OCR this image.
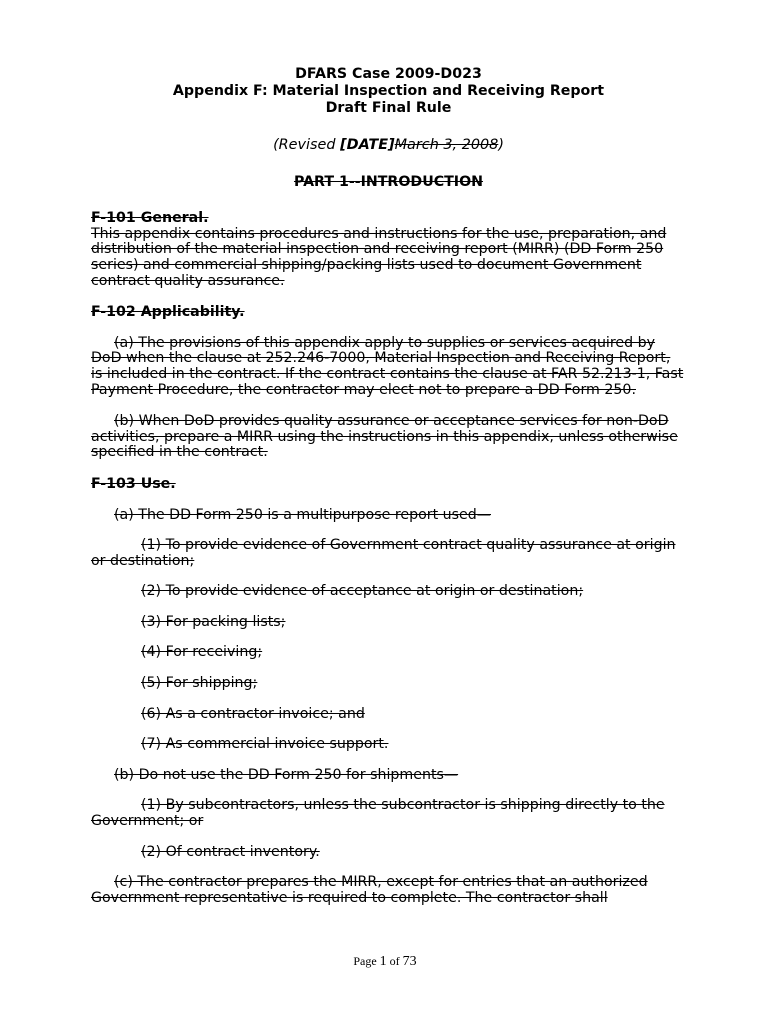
DFARS Case 2009-D023
Appendix F: Material Inspection and Receiving Report
Draft Final Rule
(Revised [DATE]March 3, 2008)
PART 1--INTRODUCTION
F-101 General.

This appendix contains procedures and instructions for the use, preparation, and distribution of the material inspection and receiving report (MIRR) (DD Form 250 series) and commercial shipping/packing lists used to document Government contract quality assurance.

F-102 Applicability.

(a) The provisions of this appendix apply to supplies or services acquired by DoD when the clause at 252.246-7000, Material Inspection and Receiving Report, is included in the contract. If the contract contains the clause at FAR 52.213-1, Fast Payment Procedure, the contractor may elect not to prepare a DD Form 250.

(b) When DoD provides quality assurance or acceptance services for non-DoD activities, prepare a MIRR using the instructions in this appendix, unless otherwise specified in the contract.

F-103 Use.

(a) The DD Form 250 is a multipurpose report used—

(1) To provide evidence of Government contract quality assurance at origin or destination;

(2) To provide evidence of acceptance at origin or destination;

(3) For packing lists;

(4) For receiving;

(5) For shipping;

(6) As a contractor invoice; and

(7) As commercial invoice support.

(b) Do not use the DD Form 250 for shipments—

(1) By subcontractors, unless the subcontractor is shipping directly to the Government; or

(2) Of contract inventory.

(c) The contractor prepares the MIRR, except for entries that an authorized Government representative is required to complete. The contractor shall

Page 1 of 73
